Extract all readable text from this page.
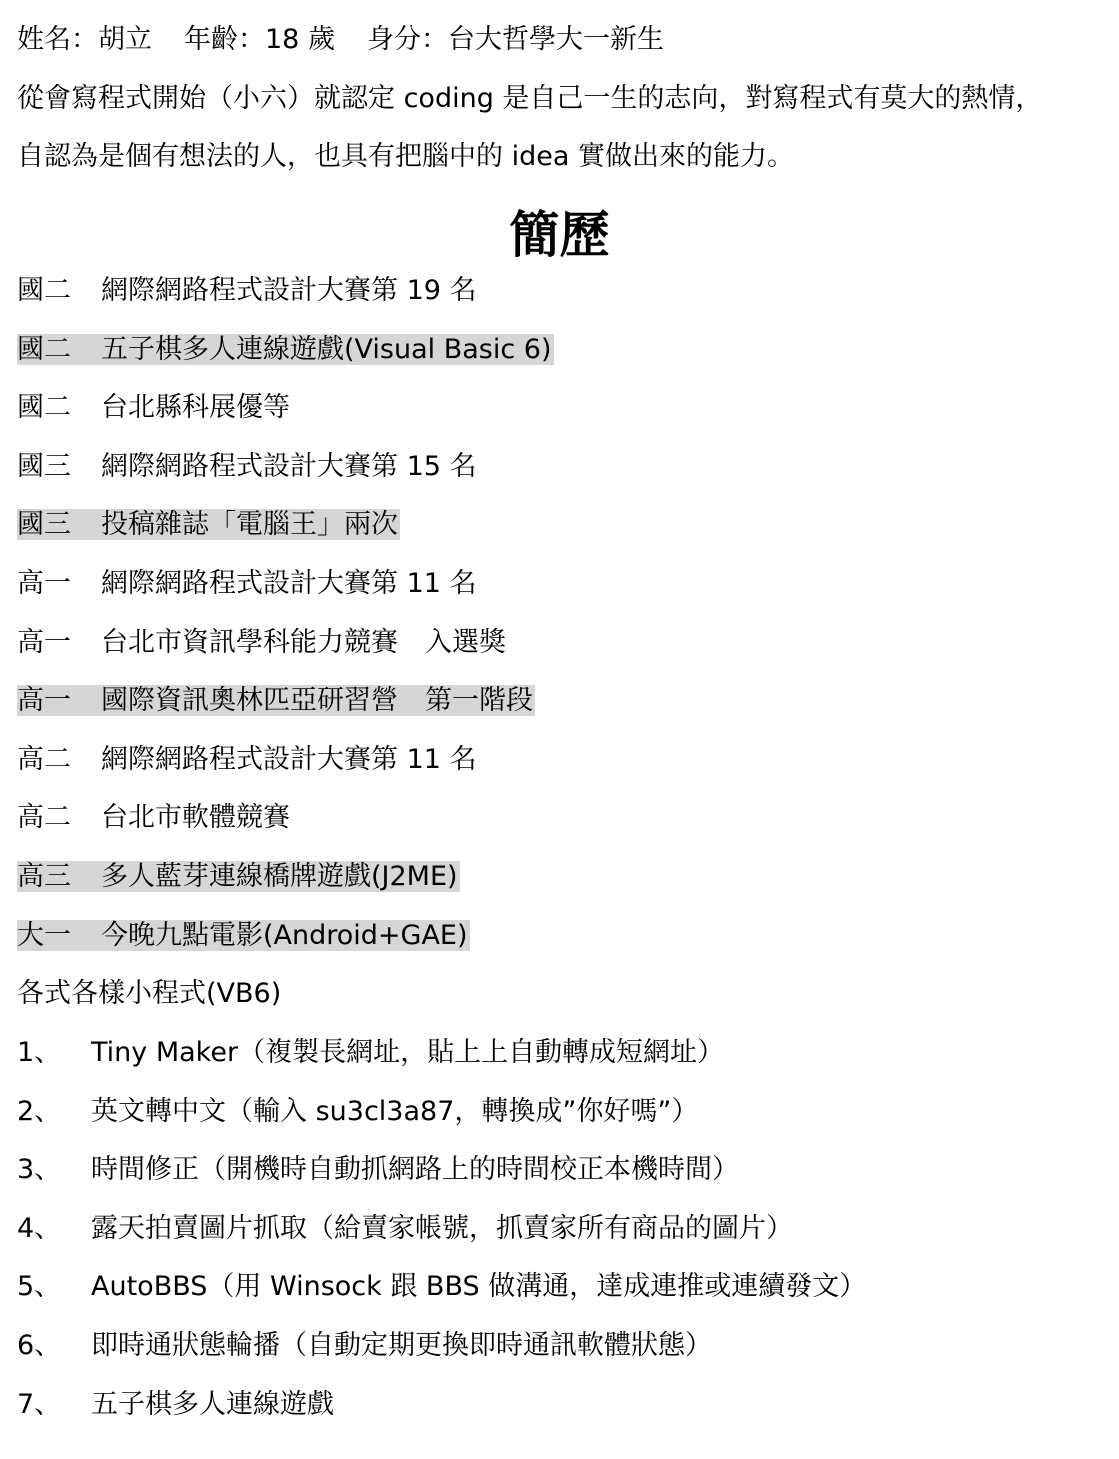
姓名：胡立 年齡：18 歲 身分：台大哲學大一新生
從會寫程式開始（小六）就認定 coding 是自己一生的志向，對寫程式有莫大的熱情，
自認為是個有想法的人，也具有把腦中的 idea 實做出來的能力。
簡歷
國二 網際網路程式設計大賽第 19 名
國二 五子棋多人連線遊戲(Visual Basic 6)
國二 台北縣科展優等
國三 網際網路程式設計大賽第 15 名
國三 投稿雜誌「電腦王」兩次
高一 網際網路程式設計大賽第 11 名
高一 台北市資訊學科能力競賽　入選獎
高一 國際資訊奧林匹亞研習營　第一階段
高二 網際網路程式設計大賽第 11 名
高二 台北市軟體競賽
高三 多人藍芽連線橋牌遊戲(J2ME)
大一 今晚九點電影(Android+GAE)
各式各樣小程式(VB6)
1、 Tiny Maker（複製長網址，貼上上自動轉成短網址）
2、 英文轉中文（輸入 su3cl3a87，轉換成”你好嗎”）
3、 時間修正（開機時自動抓網路上的時間校正本機時間）
4、 露天拍賣圖片抓取（給賣家帳號，抓賣家所有商品的圖片）
5、 AutoBBS（用 Winsock 跟 BBS 做溝通，達成連推或連續發文）
6、 即時通狀態輪播（自動定期更換即時通訊軟體狀態）
7、 五子棋多人連線遊戲
